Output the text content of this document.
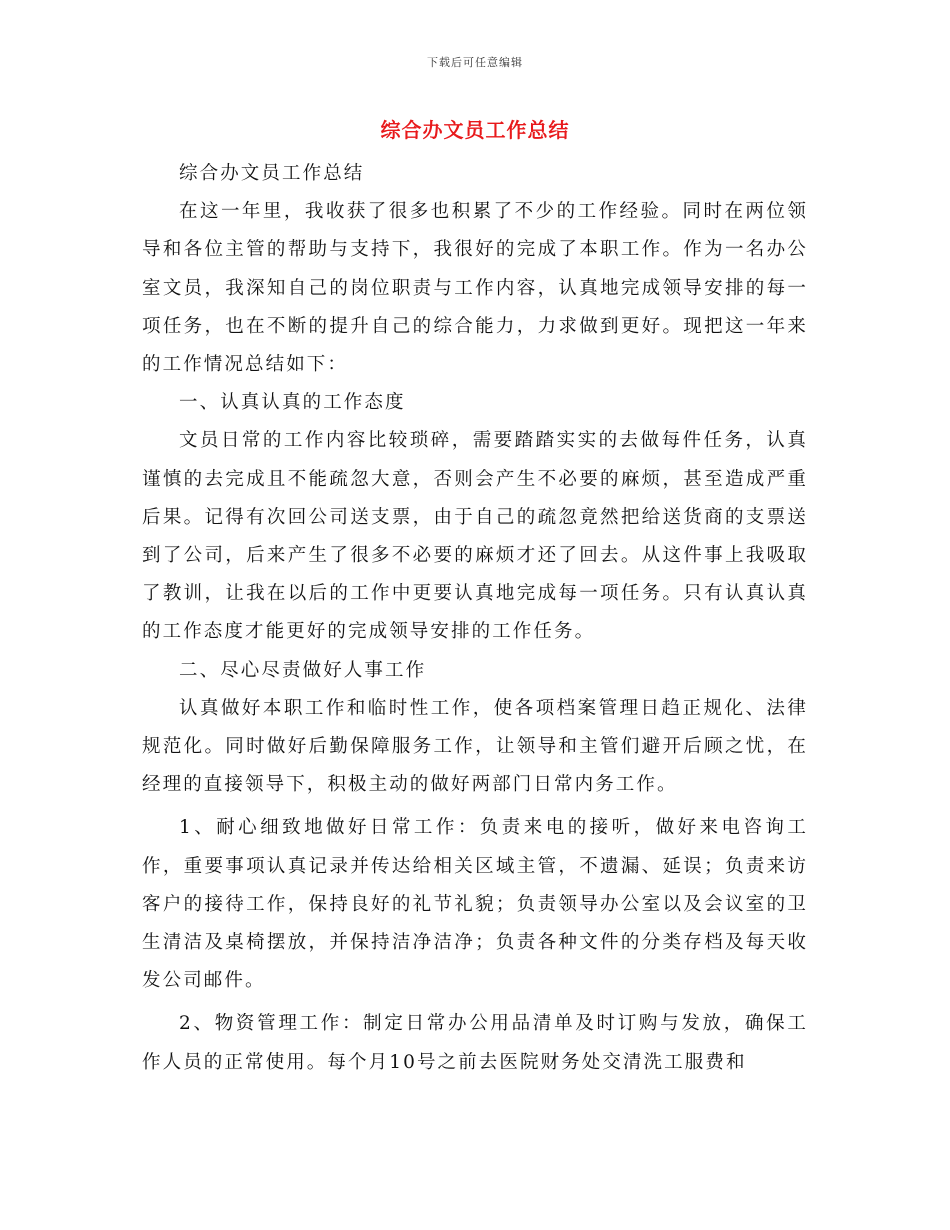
下载后可任意编辑
综合办文员工作总结

综合办文员工作总结

在这一年里，我收获了很多也积累了不少的工作经验。同时在两位领导和各位主管的帮助与支持下，我很好的完成了本职工作。作为一名办公室文员，我深知自己的岗位职责与工作内容，认真地完成领导安排的每一项任务，也在不断的提升自己的综合能力，力求做到更好。现把这一年来的工作情况总结如下：

一、认真认真的工作态度

文员日常的工作内容比较琐碎，需要踏踏实实的去做每件任务，认真谨慎的去完成且不能疏忽大意，否则会产生不必要的麻烦，甚至造成严重后果。记得有次回公司送支票，由于自己的疏忽竟然把给送货商的支票送到了公司，后来产生了很多不必要的麻烦才还了回去。从这件事上我吸取了教训，让我在以后的工作中更要认真地完成每一项任务。只有认真认真的工作态度才能更好的完成领导安排的工作任务。

二、尽心尽责做好人事工作

认真做好本职工作和临时性工作，使各项档案管理日趋正规化、法律规范化。同时做好后勤保障服务工作，让领导和主管们避开后顾之忧，在经理的直接领导下，积极主动的做好两部门日常内务工作。

1、耐心细致地做好日常工作：负责来电的接听，做好来电咨询工作，重要事项认真记录并传达给相关区域主管，不遗漏、延误；负责来访客户的接待工作，保持良好的礼节礼貌；负责领导办公室以及会议室的卫生清洁及桌椅摆放，并保持洁净洁净；负责各种文件的分类存档及每天收发公司邮件。

2、物资管理工作：制定日常办公用品清单及时订购与发放，确保工作人员的正常使用。每个月10号之前去医院财务处交清洗工服费和
